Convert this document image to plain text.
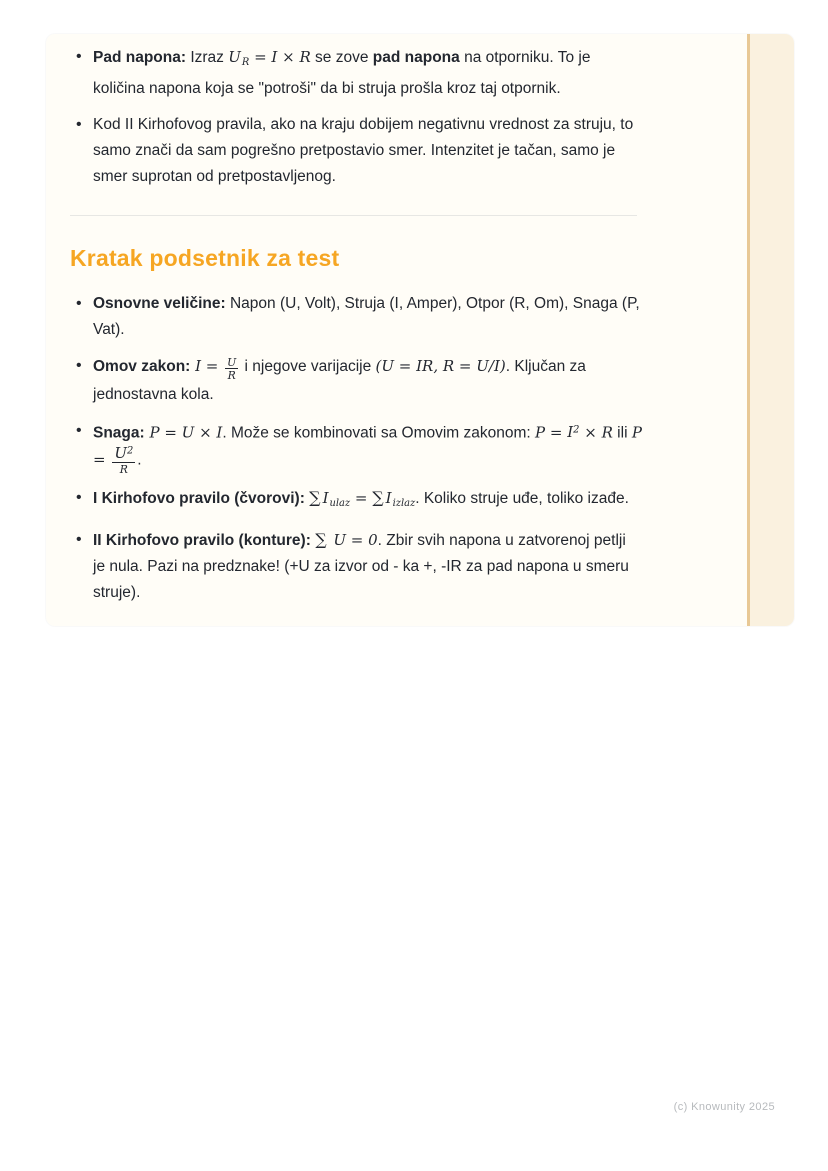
• Pad napona: Izraz $U_R = I \times R$ se zove pad napona na otporniku. To je količina napona koja se "potroši" da bi struja prošla kroz taj otpornik.
• Kod II Kirhofovog pravila, ako na kraju dobijem negativnu vrednost za struju, to samo znači da sam pogrešno pretpostavio smer. Intenzitet je tačan, samo je smer suprotan od pretpostavljenog.
Kratak podsetnik za test
• Osnovne veličine: Napon (U, Volt), Struja (I, Amper), Otpor (R, Om), Snaga (P, Vat).
• Omov zakon: $I = \frac{U}{R}$ i njegove varijacije (U = IR, R = U/I). Ključan za jednostavna kola.
• Snaga: P = U × I. Može se kombinovati sa Omovim zakonom: $P = I^2 \times R$ ili $P = \frac{U^2}{R}$ .
• I Kirhofovo pravilo (čvorovi): ∑ $I_{ulaz}$ = ∑ $I_{izlaz}$. Koliko struje uđe, toliko izađe.
• II Kirhofovo pravilo (konture): ∑ U = 0. Zbir svih napona u zatvorenoj petlji je nula. Pazi na predznake! (+U za izvor od - ka +, -IR za pad napona u smeru struje).
(c) Knowunity 2025
